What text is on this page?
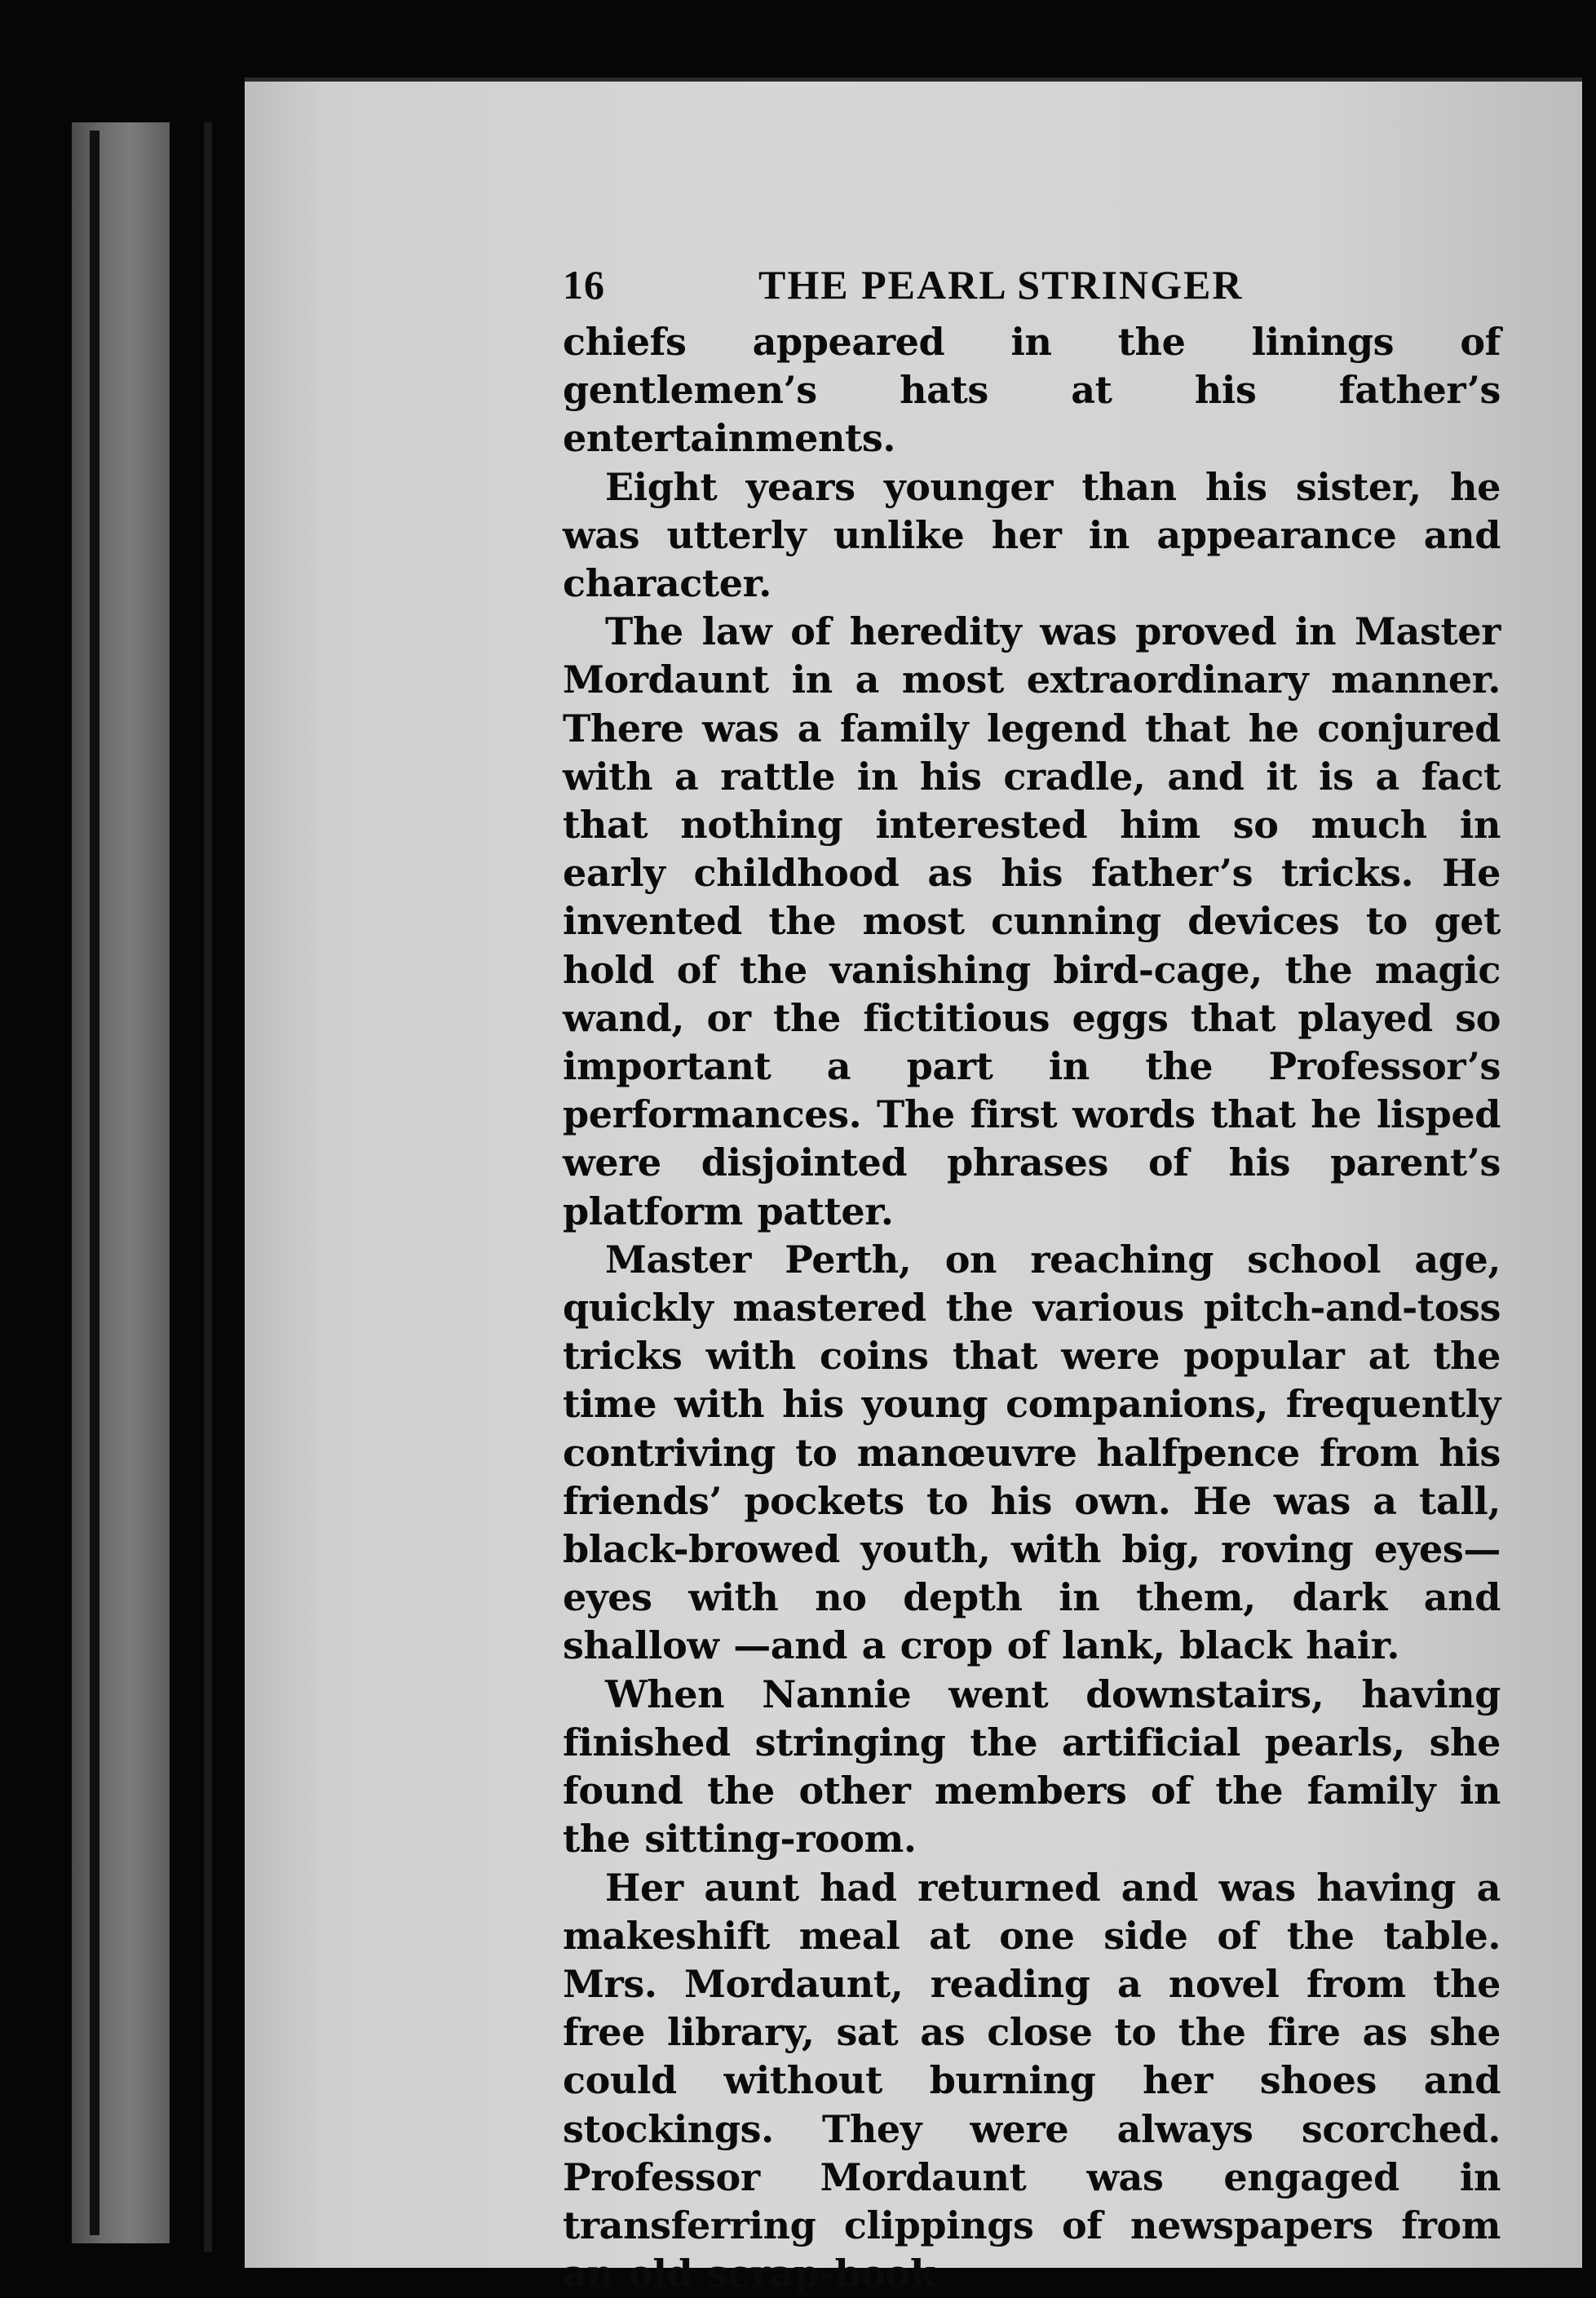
16	THE PEARL STRINGER

chiefs appeared in the linings of gentlemen’s hats at his father’s entertainments.

Eight years younger than his sister, he was utterly unlike her in appearance and character.

The law of heredity was proved in Master Mordaunt in a most extraordinary manner. There was a family legend that he conjured with a rattle in his cradle, and it is a fact that nothing interested him so much in early childhood as his father’s tricks. He invented the most cunning devices to get hold of the vanishing bird-cage, the magic wand, or the fictitious eggs that played so important a part in the Professor’s performances. The first words that he lisped were disjointed phrases of his parent’s platform patter.

Master Perth, on reaching school age, quickly mastered the various pitch-and-toss tricks with coins that were popular at the time with his young companions, frequently contriving to manœuvre halfpence from his friends’ pockets to his own. He was a tall, black-browed youth, with big, roving eyes—eyes with no depth in them, dark and shallow —and a crop of lank, black hair.

When Nannie went downstairs, having finished stringing the artificial pearls, she found the other members of the family in the sitting-room.

Her aunt had returned and was having a makeshift meal at one side of the table. Mrs. Mordaunt, reading a novel from the free library, sat as close to the fire as she could without burning her shoes and stockings. They were always scorched. Professor Mordaunt was engaged in transferring clippings of newspapers from an old scrap-book
